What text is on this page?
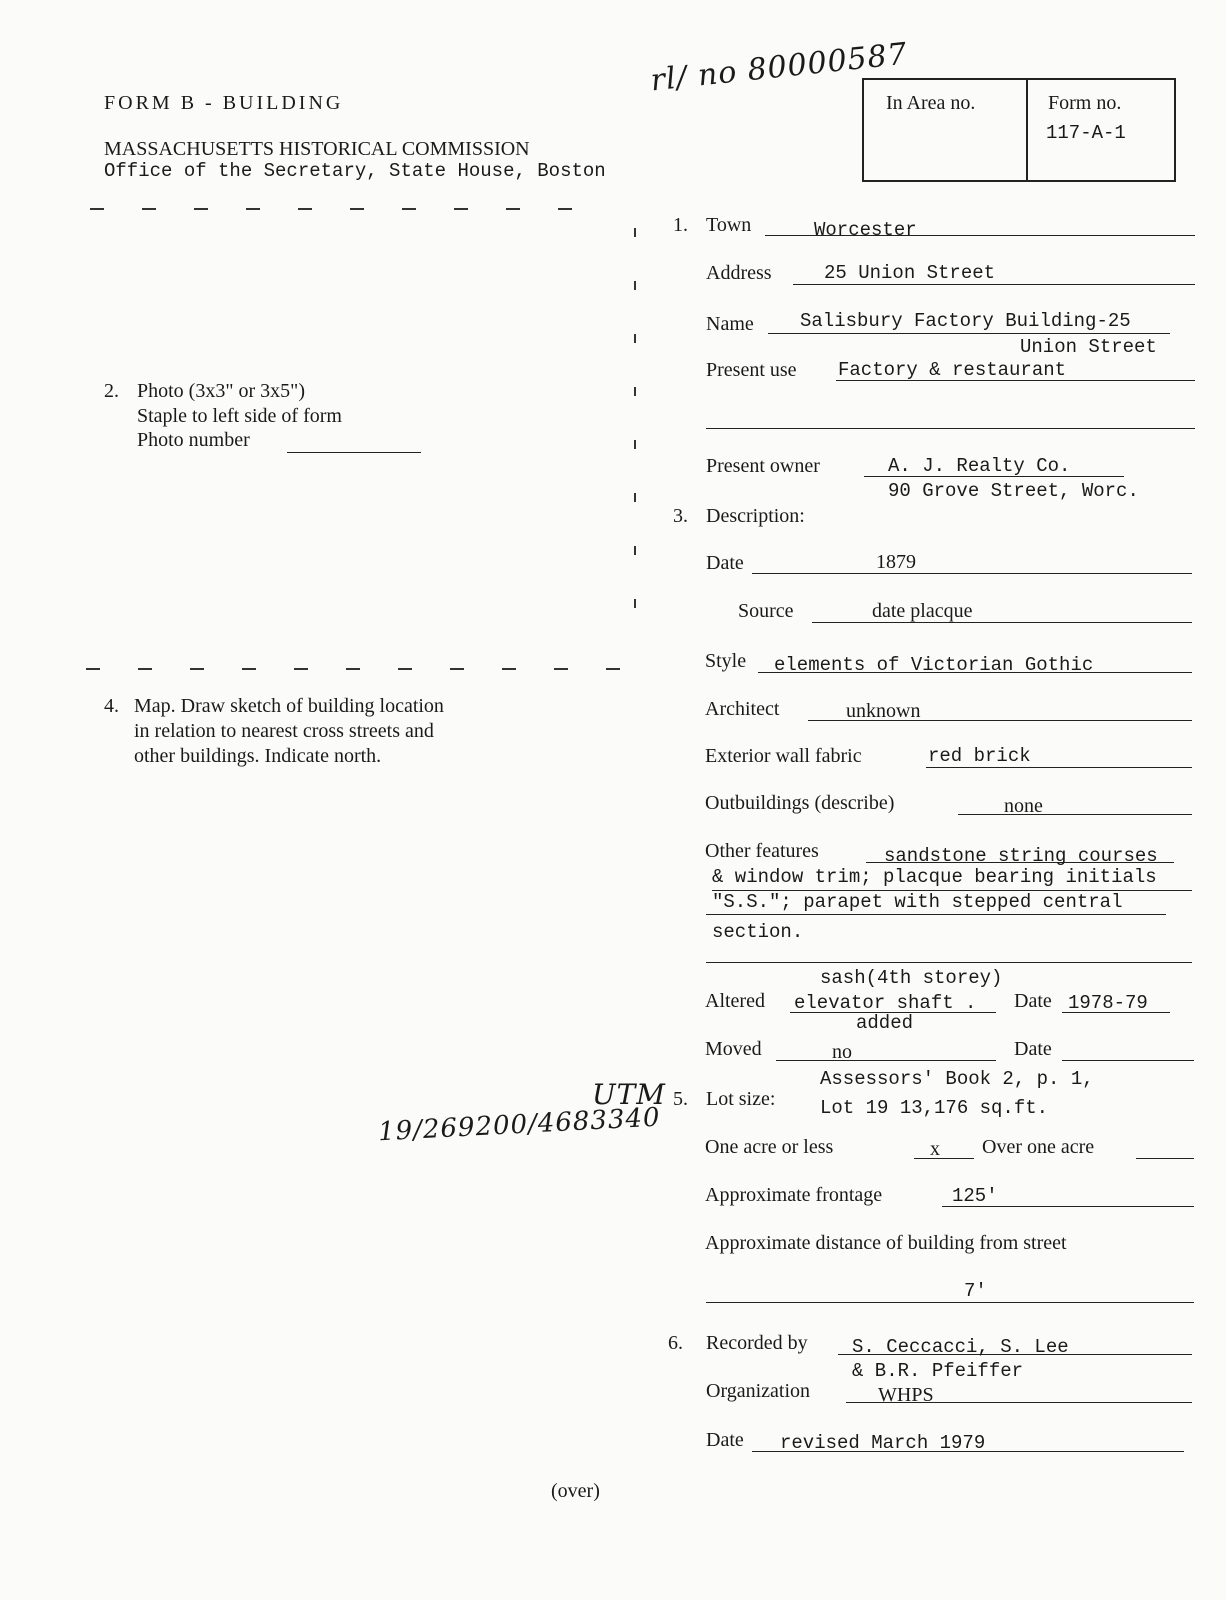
FORM B - BUILDING
MASSACHUSETTS HISTORICAL COMMISSION
Office of the Secretary, State House, Boston
rl/ no 80000587
In Area no.	Form no.
117-A-1
2. Photo (3x3" or 3x5")
Staple to left side of form
Photo number
4. Map. Draw sketch of building location
in relation to nearest cross streets and
other buildings. Indicate north.
UTM
19/269200/4683340
1. Town	Worcester
Address	25 Union Street
Name Salisbury Factory Building-25
Union Street
Present use Factory & restaurant
Present owner	A. J. Realty Co.
90 Grove Street, Worc.
3. Description:
Date	1879
Source	date placque
Style elements of Victorian Gothic
Architect	unknown
Exterior wall fabric	red brick
Outbuildings (describe)	none
Other features	sandstone string courses
& window trim; placque bearing initials
"S.S."; parapet with stepped central
section.
sash(4th storey)
Altered elevator shaft .
added
Date 1978-79
Moved	no	Date
5. Lot size:
Assessors' Book 2, p. 1,
Lot 19 13,176 sq.ft.
One acre or less	x Over one acre
Approximate frontage	125'
Approximate distance of building from street
7'
6. Recorded by S. Ceccacci, S. Lee
& B.R. Pfeiffer
Organization	WHPS
Date revised March 1979
(over)
